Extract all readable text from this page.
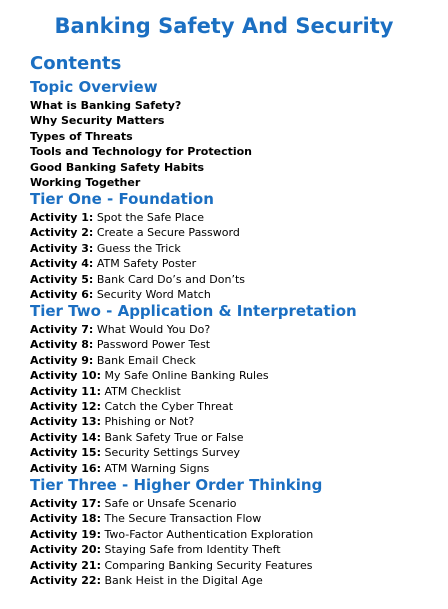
Banking Safety And Security
Contents
Topic Overview
What is Banking Safety?
Why Security Matters
Types of Threats
Tools and Technology for Protection
Good Banking Safety Habits
Working Together
Tier One - Foundation
Activity 1: Spot the Safe Place
Activity 2: Create a Secure Password
Activity 3: Guess the Trick
Activity 4: ATM Safety Poster
Activity 5: Bank Card Do’s and Don’ts
Activity 6: Security Word Match
Tier Two - Application & Interpretation
Activity 7: What Would You Do?
Activity 8: Password Power Test
Activity 9: Bank Email Check
Activity 10: My Safe Online Banking Rules
Activity 11: ATM Checklist
Activity 12: Catch the Cyber Threat
Activity 13: Phishing or Not?
Activity 14: Bank Safety True or False
Activity 15: Security Settings Survey
Activity 16: ATM Warning Signs
Tier Three - Higher Order Thinking
Activity 17: Safe or Unsafe Scenario
Activity 18: The Secure Transaction Flow
Activity 19: Two-Factor Authentication Exploration
Activity 20: Staying Safe from Identity Theft
Activity 21: Comparing Banking Security Features
Activity 22: Bank Heist in the Digital Age
